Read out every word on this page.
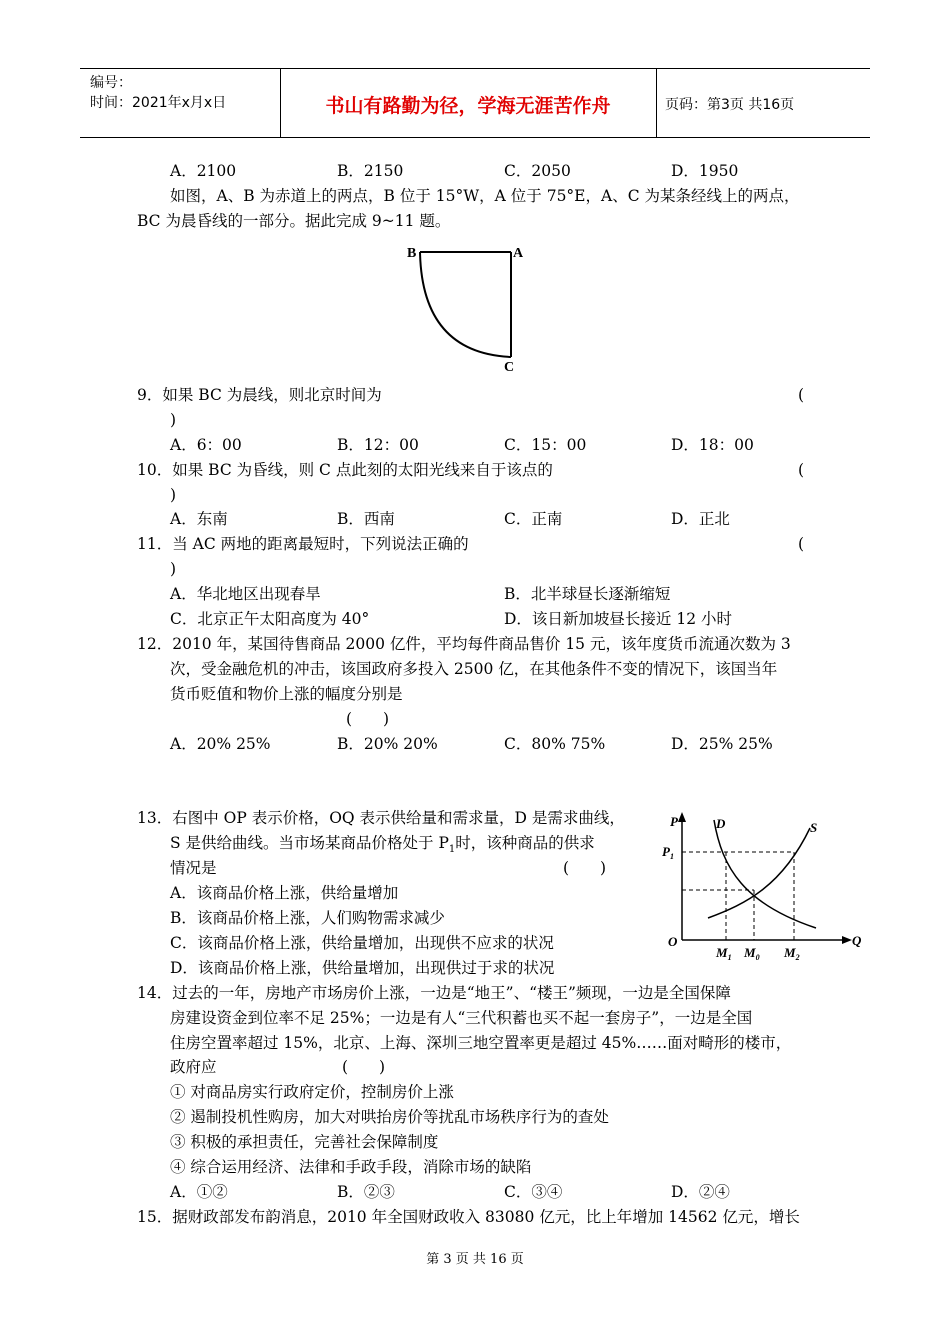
编号：
时间：2021年x月x日	书山有路勤为径，学海无涯苦作舟	页码：第3页 共16页
A．2100	B．2150	C．2050	D．1950
如图，A、B 为赤道上的两点，B 位于 15°W，A 位于 75°E，A、C 为某条经线上的两点，
BC 为晨昏线的一部分。据此完成 9~11 题。
B	A
C
9．如果 BC 为晨线，则北京时间为	(
)
A．6：00	B．12：00	C．15：00	D．18：00
10．如果 BC 为昏线，则 C 点此刻的太阳光线来自于该点的	(
)
A．东南	B．西南	C．正南	D．正北
11．当 AC 两地的距离最短时，下列说法正确的	(
)
A．华北地区出现春旱	B．北半球昼长逐渐缩短
C．北京正午太阳高度为 40°	D．该日新加坡昼长接近 12 小时
12．2010 年，某国待售商品 2000 亿件，平均每件商品售价 15 元，该年度货币流通次数为 3
次，受金融危机的冲击，该国政府多投入 2500 亿，在其他条件不变的情况下，该国当年
货币贬值和物价上涨的幅度分别是
(　　)
A．20% 25%	B．20% 20%	C．80% 75%	D．25% 25%
13．右图中 OP 表示价格，OQ 表示供给量和需求量，D 是需求曲线，
S 是供给曲线。当市场某商品价格处于 $P_1$时，该种商品的供求
情况是	(　　)
A．该商品价格上涨，供给量增加
B．该商品价格上涨，人们购物需求减少
C．该商品价格上涨，供给量增加，出现供不应求的状况
D．该商品价格上涨，供给量增加，出现供过于求的状况
P	D	S
$P_1$
O	Q
$M_1$ $M_0$ $M_2$
14．过去的一年，房地产市场房价上涨，一边是“地王”、“楼王”频现，一边是全国保障
房建设资金到位率不足 25%；一边是有人“三代积蓄也买不起一套房子”，一边是全国
住房空置率超过 15%，北京、上海、深圳三地空置率更是超过 45%……面对畸形的楼市，
政府应	(　　)
① 对商品房实行政府定价，控制房价上涨
② 遏制投机性购房，加大对哄抬房价等扰乱市场秩序行为的查处
③ 积极的承担责任，完善社会保障制度
④ 综合运用经济、法律和手政手段，消除市场的缺陷
A．①②	B．②③	C．③④	D．②④
15．据财政部发布韵消息，2010 年全国财政收入 83080 亿元，比上年增加 14562 亿元，增长
第 3 页 共 16 页
